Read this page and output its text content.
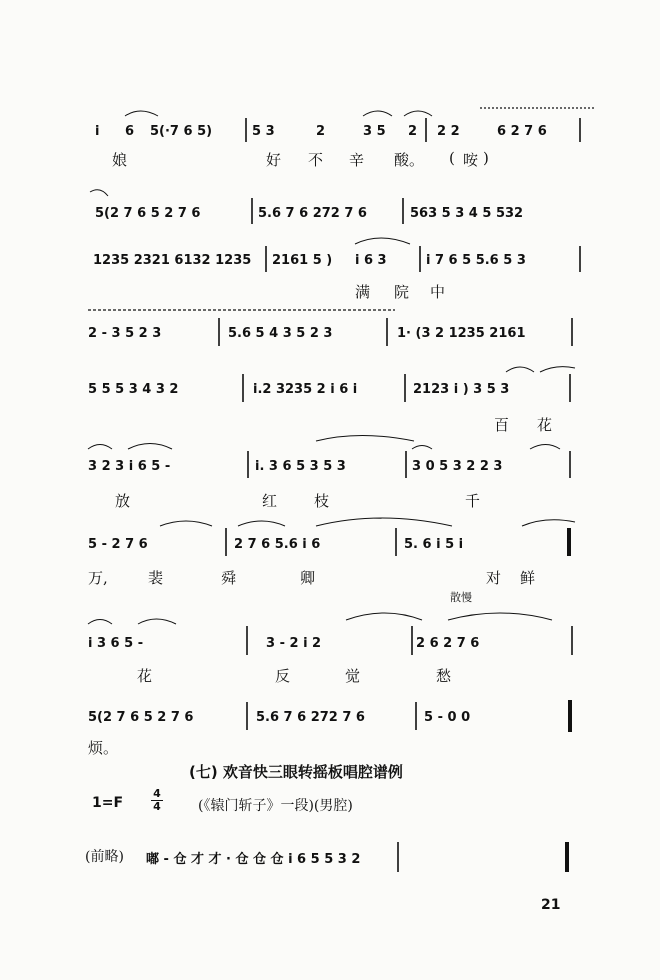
i 6 5(·7 6 5)	5 3	2	3 5 2 2 2	6 2 7 6
5(2 7 6 5 2 7 6	5.6 7 6 272 7 6	563 5 3 4 5 532
1235 2321 6132 1235 2161 5 ) i 6 3	i 7 6 5 5.6 5 3
2 - 3 5 2 3	5.6 5 4 3 5 2 3	1· (3 2 1235 2161
5 5 5 3 4 3 2	i.2 3235 2 i 6 i	2123 i ) 3 5 3
3 2 3 i 6 5 -	i. 3 6 5 3 5 3	3 0 5 3 2 2 3
5 - 2 7 6	2 7 6 5.6 i 6	5. 6 i 5 i
i 3 6 5 -	3 - 2 i 2	2 6 2 7 6
5(2 7 6 5 2 7 6	5.6 7 6 272 7 6	5 - 0 0
娘	好 不 辛 酸。 ( 咹 )
满 院 中
百 花
放	红 枝	千
万,	裴	舜	卿	对 鲜
散慢
花	反	觉	愁
烦。
(七) 欢音快三眼转摇板唱腔谱例
1=F
4
4	(《辕门斩子》一段)(男腔)
(前略) 嘟 - 仓 才 才 · 仓 仓 仓 i 6 5 5 3 2
21
